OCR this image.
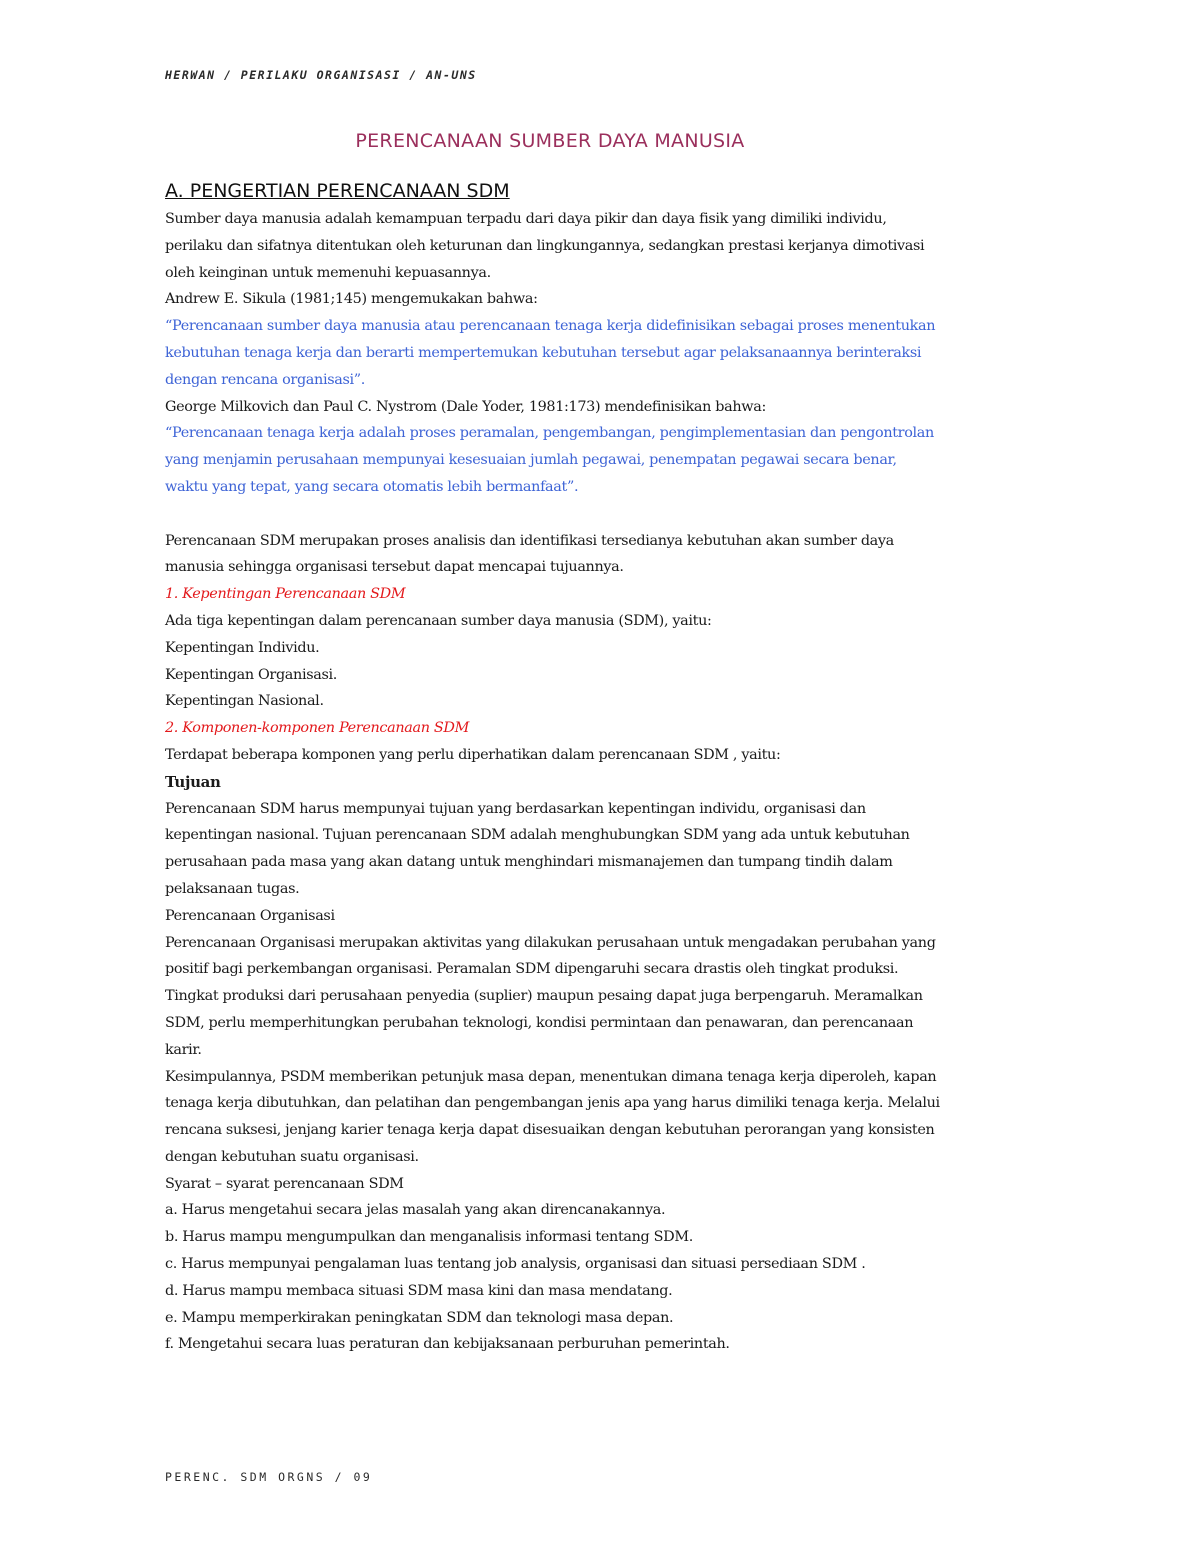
HERWAN / PERILAKU ORGANISASI / AN-UNS
PERENCANAAN SUMBER DAYA MANUSIA
A. PENGERTIAN PERENCANAAN SDM

Sumber daya manusia adalah kemampuan terpadu dari daya pikir dan daya fisik yang dimiliki individu,

perilaku dan sifatnya ditentukan oleh keturunan dan lingkungannya, sedangkan prestasi kerjanya dimotivasi

oleh keinginan untuk memenuhi kepuasannya.

Andrew E. Sikula (1981;145) mengemukakan bahwa:

“Perencanaan sumber daya manusia atau perencanaan tenaga kerja didefinisikan sebagai proses menentukan

kebutuhan tenaga kerja dan berarti mempertemukan kebutuhan tersebut agar pelaksanaannya berinteraksi

dengan rencana organisasi”.

George Milkovich dan Paul C. Nystrom (Dale Yoder, 1981:173) mendefinisikan bahwa:

“Perencanaan tenaga kerja adalah proses peramalan, pengembangan, pengimplementasian dan pengontrolan

yang menjamin perusahaan mempunyai kesesuaian jumlah pegawai, penempatan pegawai secara benar,

waktu yang tepat, yang secara otomatis lebih bermanfaat”.

Perencanaan SDM merupakan proses analisis dan identifikasi tersedianya kebutuhan akan sumber daya

manusia sehingga organisasi tersebut dapat mencapai tujuannya.

1. Kepentingan Perencanaan SDM

Ada tiga kepentingan dalam perencanaan sumber daya manusia (SDM), yaitu:

Kepentingan Individu.

Kepentingan Organisasi.

Kepentingan Nasional.

2. Komponen-komponen Perencanaan SDM

Terdapat beberapa komponen yang perlu diperhatikan dalam perencanaan SDM , yaitu:

Tujuan

Perencanaan SDM harus mempunyai tujuan yang berdasarkan kepentingan individu, organisasi dan

kepentingan nasional. Tujuan perencanaan SDM adalah menghubungkan SDM yang ada untuk kebutuhan

perusahaan pada masa yang akan datang untuk menghindari mismanajemen dan tumpang tindih dalam

pelaksanaan tugas.

Perencanaan Organisasi

Perencanaan Organisasi merupakan aktivitas yang dilakukan perusahaan untuk mengadakan perubahan yang

positif bagi perkembangan organisasi. Peramalan SDM dipengaruhi secara drastis oleh tingkat produksi.

Tingkat produksi dari perusahaan penyedia (suplier) maupun pesaing dapat juga berpengaruh. Meramalkan

SDM, perlu memperhitungkan perubahan teknologi, kondisi permintaan dan penawaran, dan perencanaan

karir.

Kesimpulannya, PSDM memberikan petunjuk masa depan, menentukan dimana tenaga kerja diperoleh, kapan

tenaga kerja dibutuhkan, dan pelatihan dan pengembangan jenis apa yang harus dimiliki tenaga kerja. Melalui

rencana suksesi, jenjang karier tenaga kerja dapat disesuaikan dengan kebutuhan perorangan yang konsisten

dengan kebutuhan suatu organisasi.

Syarat – syarat perencanaan SDM

a. Harus mengetahui secara jelas masalah yang akan direncanakannya.

b. Harus mampu mengumpulkan dan menganalisis informasi tentang SDM.

c. Harus mempunyai pengalaman luas tentang job analysis, organisasi dan situasi persediaan SDM .

d. Harus mampu membaca situasi SDM masa kini dan masa mendatang.

e. Mampu memperkirakan peningkatan SDM dan teknologi masa depan.

f. Mengetahui secara luas peraturan dan kebijaksanaan perburuhan pemerintah.

PERENC. SDM ORGNS / 09
